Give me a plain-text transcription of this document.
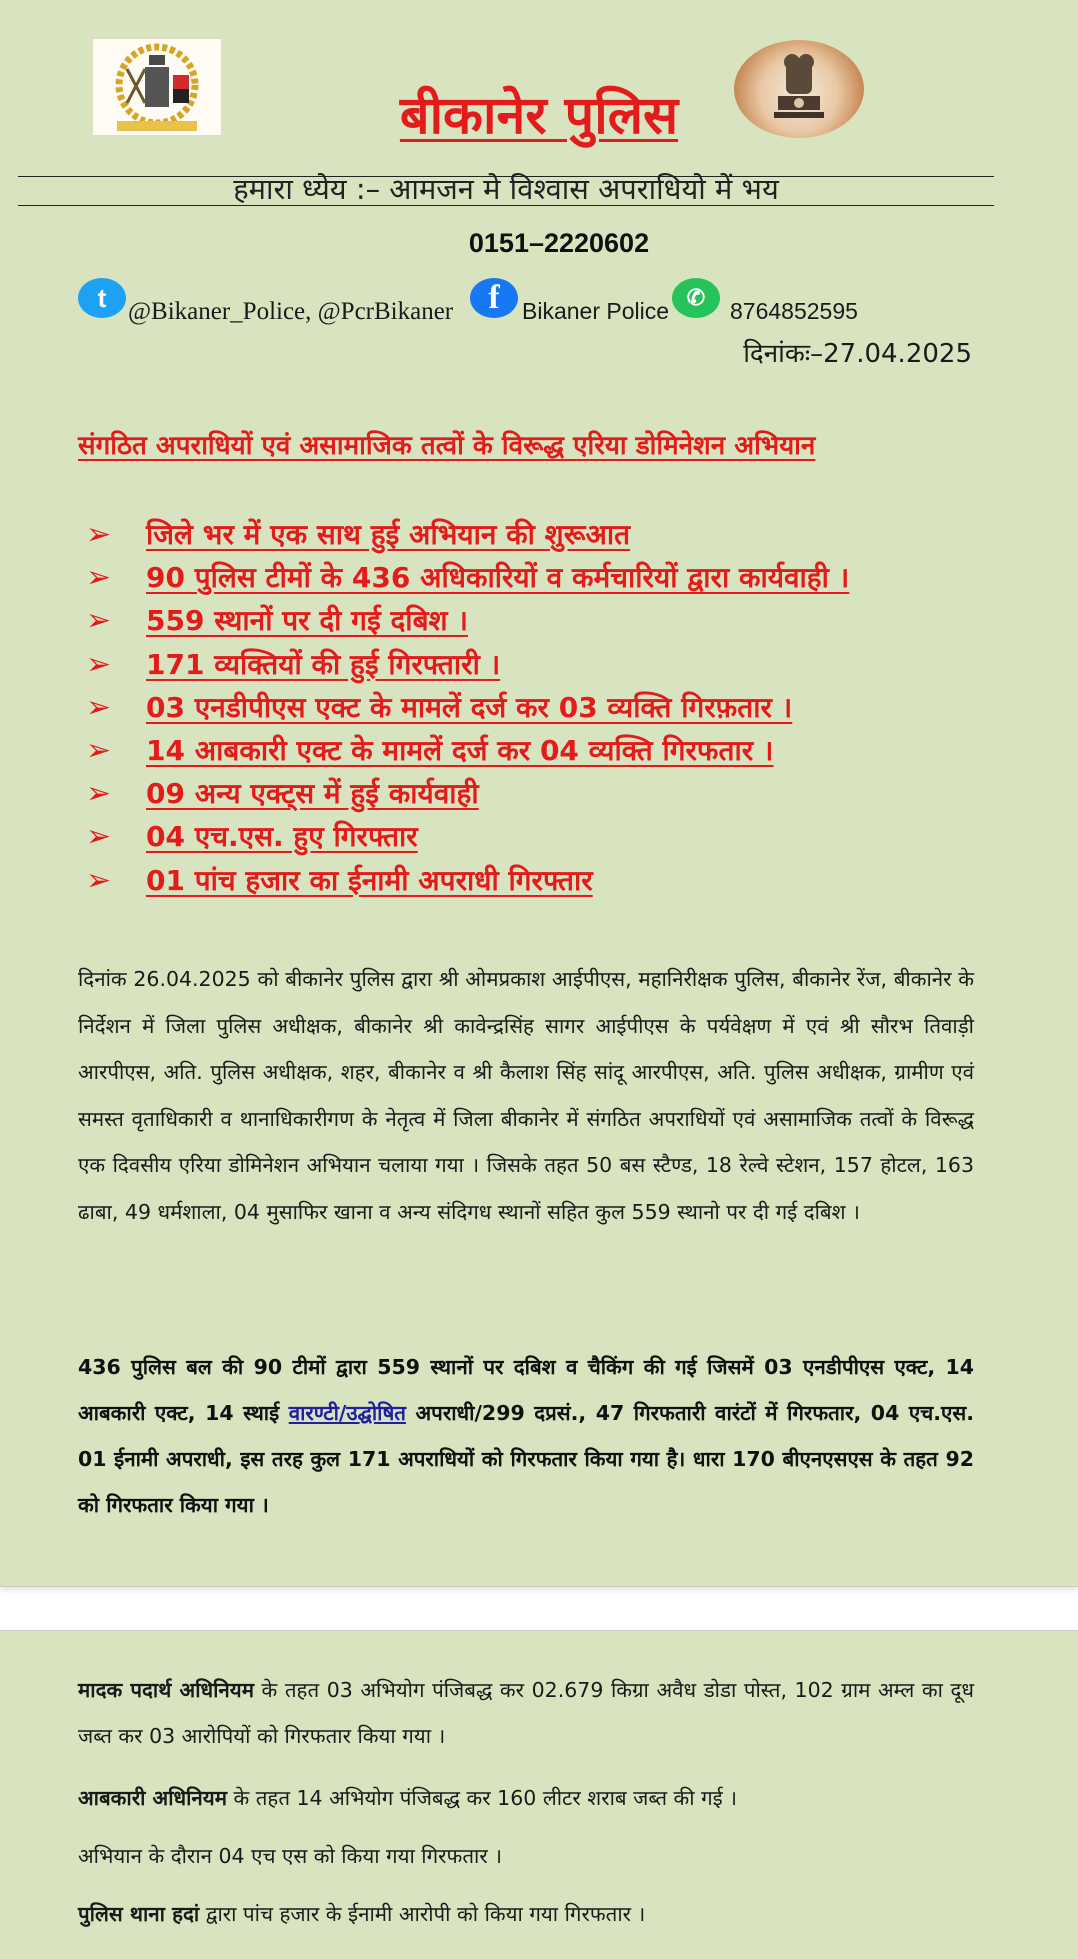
बीकानेर पुलिस
हमारा ध्येय :– आमजन मे विश्वास अपराधियो में भय
0151–2220602
t @Bikaner_Police, @PcrBikaner	f Bikaner Police
✆
8764852595
दिनांकः–27.04.2025
संगठित अपराधियों एवं असामाजिक तत्वों के विरूद्ध एरिया डोमिनेशन अभियान
➢ जिले भर में एक साथ हुई अभियान की शुरूआत
➢ 90 पुलिस टीमों के 436 अधिकारियों व कर्मचारियों द्वारा कार्यवाही ।
➢ 559 स्थानों पर दी गई दबिश ।
➢ 171 व्यक्तियों की हुई गिरफ्तारी ।
➢ 03 एनडीपीएस एक्ट के मामलें दर्ज कर 03 व्यक्ति गिरफ़तार ।
➢ 14 आबकारी एक्ट के मामलें दर्ज कर 04 व्यक्ति गिरफतार ।
➢ 09 अन्य एक्ट्स में हुई कार्यवाही
➢ 04 एच.एस. हुए गिरफ्तार
➢ 01 पांच हजार का ईनामी अपराधी गिरफ्तार

दिनांक 26.04.2025 को बीकानेर पुलिस द्वारा श्री ओमप्रकाश आईपीएस, महानिरीक्षक पुलिस, बीकानेर रेंज, बीकानेर के निर्देशन में जिला पुलिस अधीक्षक, बीकानेर श्री कावेन्द्रसिंह सागर आईपीएस के पर्यवेक्षण में एवं श्री सौरभ तिवाड़ी आरपीएस, अति. पुलिस अधीक्षक, शहर, बीकानेर व श्री कैलाश सिंह सांदू आरपीएस, अति. पुलिस अधीक्षक, ग्रामीण एवं समस्त वृताधिकारी व थानाधिकारीगण के नेतृत्व में जिला बीकानेर में संगठित अपराधियों एवं असामाजिक तत्वों के विरूद्ध एक दिवसीय एरिया डोमिनेशन अभियान चलाया गया । जिसके तहत 50 बस स्टैण्ड, 18 रेल्वे स्टेशन, 157 होटल, 163 ढाबा, 49 धर्मशाला, 04 मुसाफिर खाना व अन्य संदिगध स्थानों सहित कुल 559 स्थानो पर दी गई दबिश ।

436 पुलिस बल की 90 टीमों द्वारा 559 स्थानों पर दबिश व चैकिंग की गई जिसमें 03 एनडीपीएस एक्ट, 14 आबकारी एक्ट, 14 स्थाई वारण्टी/उद्घोषित अपराधी/299 दप्रसं., 47 गिरफतारी वारंटों में गिरफतार, 04 एच.एस. 01 ईनामी अपराधी, इस तरह कुल 171 अपराधियों को गिरफतार किया गया है। धारा 170 बीएनएसएस के तहत 92 को गिरफतार किया गया ।

मादक पदार्थ अधिनियम के तहत 03 अभियोग पंजिबद्ध कर 02.679 किग्रा अवैध डोडा पोस्त, 102 ग्राम अम्ल का दूध जब्त कर 03 आरोपियों को गिरफतार किया गया ।

आबकारी अधिनियम के तहत 14 अभियोग पंजिबद्ध कर 160 लीटर शराब जब्त की गई ।

अभियान के दौरान 04 एच एस को किया गया गिरफतार ।

पुलिस थाना हदां द्वारा पांच हजार के ईनामी आरोपी को किया गया गिरफतार ।
